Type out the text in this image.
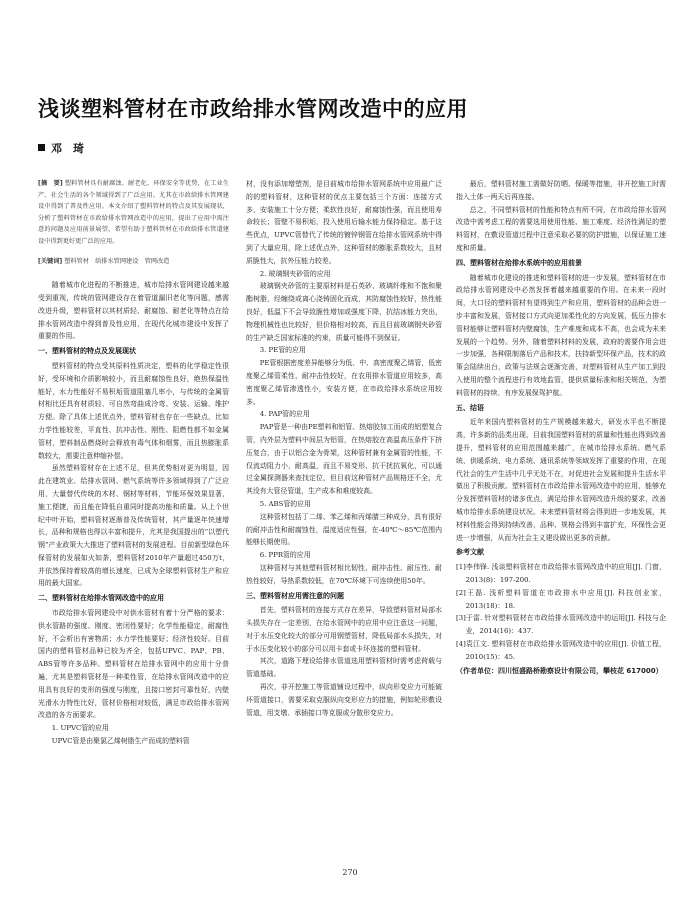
浅谈塑料管材在市政给排水管网改造中的应用
邓　琦

[摘　要] 塑料管材具有耐腐蚀、耐老化、环保安全等优势，在工业生产、社会生活的各个领域得到了广泛应用。尤其在市政给排水管网建设中得到了普及性应用。本文介绍了塑料管材的特点及其发展现状，分析了塑料管材在市政给排水管网改造中的应用，提出了应用中需注意的问题及应用前景展望，希望有助于塑料管材在市政给排水管道建设中得到更好更广泛的应用。

[关键词] 塑料管材　给排水管网建设　管网改造

随着城市化进程的不断推进，城市给排水管网建设越来越受到重视，传统的管网建设存在着管道漏旧老化等问题，感需改进升级，塑料管材以其材质轻、耐腐蚀、耐老化等特点在给排水管网改造中得到普及性应用，在现代化城市建设中发挥了重要的作用。

一、塑料管材的特点及发展现状

塑料管材的特点受其原料性质决定，塑料的化学稳定性很好，受环境和介质影响较小，而且耐腐蚀性良好，绝热保温性能好，水力性能好不易积垢管道阻塞几率小，与传统的金属管材相比还具有材质轻、可自然弯曲成冷弯、安装、运输、维护方便。除了具体上述优点外，塑料管材也存在一些缺点，比如力学性能较差，平直性、抗冲击性、刚性、阻燃性都不如金属管材，塑料制品燃烧时会释放有毒气体和烟雾，而且热膨胀系数较大，需要注意伸缩补偿。

虽然塑料管材存在上述不足，但其优势相对更为明显，因此在建筑业、给排水管网、燃气系统等许多领域得到了广泛应用，大量替代传统的木材、钢材等材料，节能环保效果显著，施工便捷，而且能在降低自重同时提高功能和质量。从上个世纪中叶开始，塑料管材逐渐普及传统管材，其产量逐年快速增长，品种和规格也得以丰富和提升，尤其是我国提出的“以塑代钢”产业政策大大推进了塑料管材的发展进程。目前新型绿色环保管材的发展如火如荼，塑料管材2010年产量超过450万t，并依然保持着较高的增长速度，已成为全球塑料管材生产和应用的最大国家。

二、塑料管材在给排水管网改造中的应用

市政给排水管网建设中对供水管材有着十分严格的要求：供水管路的强度、刚度、密闭性要好；化学性能稳定，耐腐性好，不会析出有害物质；水力学性能要好；经济性较好。目前国内的塑料管材品种已较为齐全，包括UPVC、PAP、PB、ABS管等许多品种。塑料管材在给排水管网中的应用十分普遍，尤其是塑料管材是一种柔性管，在给排水管网改造中的应用具有良好的变形的强度与刚度，且接口密封可靠性好，内壁光滑水力特性比好，管材价格相对较低，满足市政给排水管网改造的各方面要求。

1. UPVC管的应用

UPVC管是由聚氯乙烯树脂生产而成的塑料管

材，没有添加增塑剂，是目前城市给排水管网系统中应用最广泛的的塑料管材，这种管材的优点主要包括三个方面：连接方式多，安装施工十分方便；柔软性良好，耐腐蚀性强，而且使用寿命较长；管壁不易积垢，投入使用后输水能力保持稳定。基于这些优点，UPVC管替代了传统的镀锌钢管在给排水管网系统中得到了大量应用，除上述优点外，这种管材的膨胀系数较大，且材质脆性大，抗外压能力较差。

2. 玻璃钢夹砂管的应用

玻璃钢夹砂管的主要原材料是石英砂、玻璃纤维和不饱和聚酯树脂，经缠绕或离心浇铸固化而成，其防腐蚀性较好，热性能良好，低温下不会导致脆性增加或强度下降，抗结冰能力突出，物理机械性也比较好，但价格相对较高，而且目前玻璃钢夹砂管的生产缺乏国家标准的约束，质量可能得不到保证。

3. PE管的应用

PE管根据密度差异能够分为低、中、高密度聚乙烯管，低密度聚乙烯管柔性、耐冲击性较好，在农用排水管道应用较多，高密度聚乙烯管渗透性小，安装方便，在市政给排水系统应用较多。

4. PAP管的应用

PAP管是一种由PE塑料和铝管、热熔胶加工而成的铝塑复合管，内外层为塑料中间层为铝管，在热熔胶在高温高压条件下挤压复合，由于以铝合金为骨架，这种管材兼有金属管的性能，不仅流动阻力小，耐高温，而且不易变形、抗干扰抗氧化，可以通过金属探测器来查找定位，但目前这种管材产品规格还不全，尤其没有大管径管道，生产成本和难度较高。

5. ABS管的应用

这种管材包括丁二烯、苯乙烯和丙烯腈三种成分，具有很好的耐冲击性和耐腐蚀性，温度适应性强，在-40℃～85℃范围内能够长期使用。

6. PPR管的应用

这种管材与其他塑料管材相比韧性、耐冲击性、耐压性、耐热性较好，导热系数较低，在70℃环境下可连续使用50年。

三、塑料管材应用需注意的问题

首先，塑料管材的连接方式存在差异，导致塑料管材局部水头损失存在一定差别，在给水管网中的应用中应注意这一问题，对于水压变化较大的部分可用钢塑管材，降低局部水头损失，对于水压变化较小的部分可以用卡套或卡环连接的塑料管材。

其次，道路下埋设给排水管道选用塑料管材时需考虑荷载与管道基础。

再次，非开挖施工等管道铺设过程中，纵向形变应力可能破坏管道接口，需要采取克服纵向变形应力的措施，例如轮形敷设管道，用支墩、承插接口等克服或分散形变应力。

最后，塑料管材施工需做好防晒、保暖等措施，非开挖施工时需指入土体一两天后再连接。

总之，不同塑料管材的性能和特点有所不同，在市政给排水管网改造中需考虑工程的需要选用使用性能、施工难度、经济性满足的塑料管材，在敷设管道过程中注意采取必要的防护措施，以保证施工速度和质量。

四、塑料管材在给排水系统中的应用前景

随着城市化建设的推进和塑料管材的进一步发展，塑料管材在市政给排水管网建设中必然发挥着越来越重要的作用。在未来一段时间，大口径的塑料管材有望得到生产和应用，塑料管材的品种会进一步丰富和发展，管材接口方式向更加柔性化的方向发展，低压力排水管材能够让塑料管材内壁腐蚀，生产难度和成本不高，也会成为未来发展的一个趋势。另外，随着塑料材料的发展，政府的需要作用会进一步加强，各种限制落后产品和技术，扶持新型环保产品，技术的政策会陆续出台，政策与法规会逐渐完善，对塑料管材从生产加工到投入使用的整个流程进行有效地监管，提供质量标准和相关规范，为塑料管材的持续、有序发展保驾护航。

五、结语

近年来国内塑料管材的生产规模越来越大，研发水平也不断提高，许多新的品类出现，目前我国塑料管材的质量和性能也得到改善提升，塑料管材的应用范围越来越广，在城市给排水系统、燃气系统、供暖系统、电力系统、通讯系统等领域发挥了重要的作用，在现代社会的生产生活中几乎无处不在，对促进社会发展和提升生活水平做出了积极贡献。塑料管材在市政给排水管网改造中的应用，能够充分发挥塑料管材的诸多优点，满足给排水管网改造升级的要求，改善城市给排水系统建设状况。未来塑料管材将会得到进一步地发展，其材料性能会得到持续改善，品种、规格会得到丰富扩充，环保性会更进一步增强，从而为社会主义建设做出更多的贡献。

参考文献

[1]李伟锋. 浅谈塑料管材在市政给排水管网改造中的应用[J]. 门窗，2013(8)：197-200.

[2]王磊. 浅析塑料管道在市政排水中应用[J]. 科技创业家，2013(18)：18.

[3]于雷. 针对塑料管材在市政给排水管网改造中的运用[J]. 科技与企业，2014(16)：437.

[4]袁江文. 塑料管材在市政给排水管网改造中的应用[J]. 价值工程，2010(15)：45.

（作者单位：四川恒盛路桥勘察设计有限公司，攀枝花 617000）
270
